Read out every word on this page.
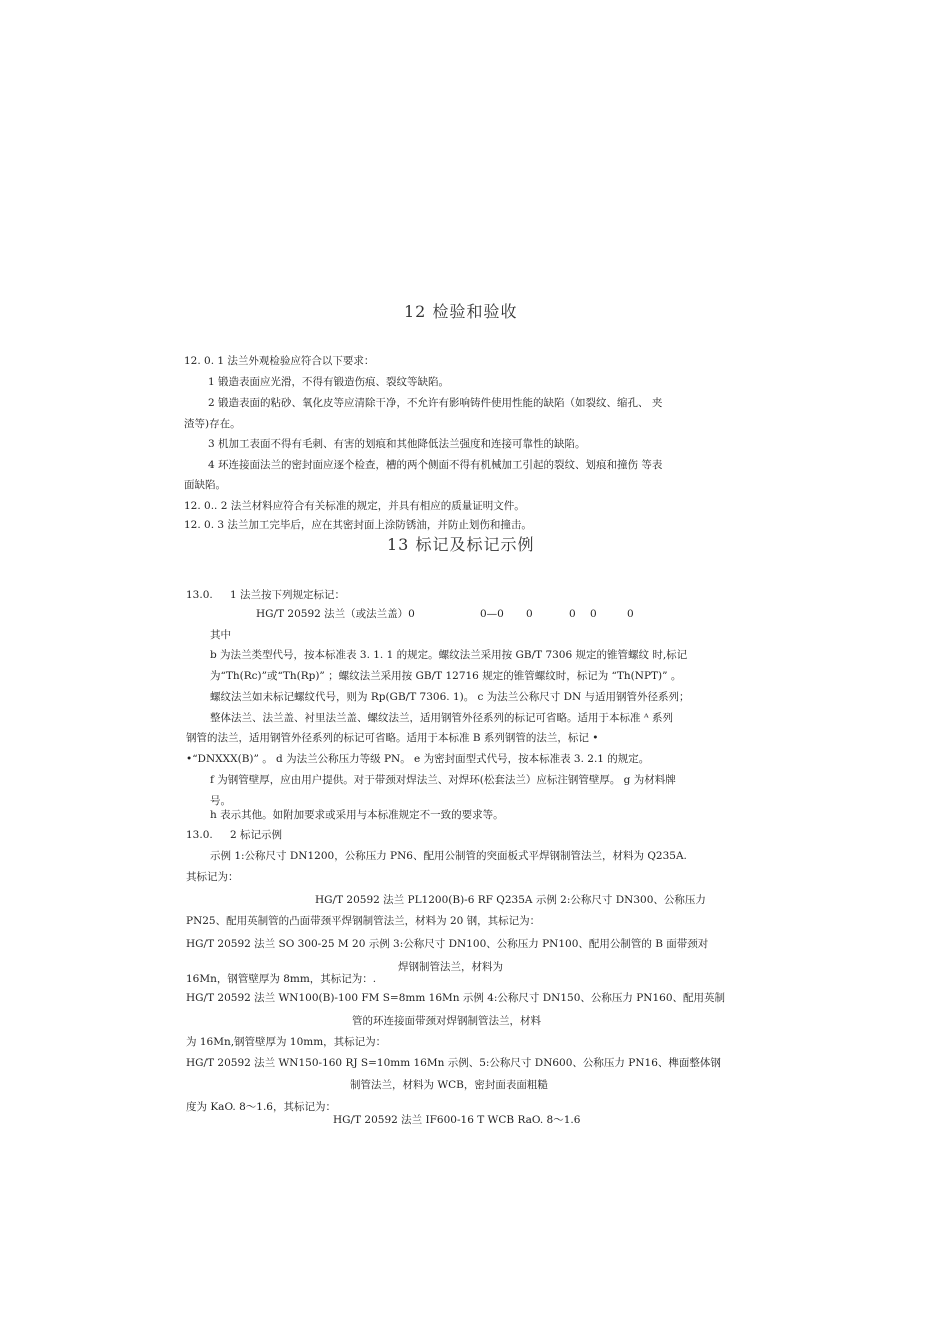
12 检验和验收
12. 0. 1 法兰外观检验应符合以下要求：
1 锻造表面应光滑，不得有锻造伤痕、裂纹等缺陷。
2 锻造表面的粘砂、氧化皮等应清除干净，不允许有影响铸件使用性能的缺陷（如裂纹、缩孔、 夹
渣等)存在。
3 机加工表面不得有毛刺、有害的划痕和其他降低法兰强度和连接可靠性的缺陷。
4 环连接面法兰的密封面应逐个检查，槽的两个侧面不得有机械加工引起的裂纹、划痕和撞伤 等表
面缺陷。
12. 0.. 2 法兰材料应符合有关标准的规定，并具有相应的质量证明文件。
12. 0. 3 法兰加工完毕后，应在其密封面上涂防锈油，并防止划伤和撞击。
13 标记及标记示例
13.0. 1 法兰按下列规定标记：
HG/T 20592 法兰（或法兰盖）0	0—0 0	0 0	0
其中
b 为法兰类型代号，按本标准表 3. 1. 1 的规定。螺纹法兰采用按 GB/T 7306 规定的锥管螺纹 时,标记
为“Th(Rc)”或“Th(Rp)” ；螺纹法兰采用按 GB/T 12716 规定的锥管螺纹时，标记为 “Th(NPT)” 。
螺纹法兰如未标记螺纹代号，则为 Rp(GB/T 7306. 1)。 c 为法兰公称尺寸 DN 与适用钢管外径系列；
整体法兰、法兰盖、衬里法兰盖、螺纹法兰，适用钢管外径系列的标记可省略。适用于本标准 ᴬ 系列
钢管的法兰，适用钢管外径系列的标记可省略。适用于本标准 B 系列钢管的法兰，标记 •
•“DNXXX(B)” 。 d 为法兰公称压力等级 PN。 e 为密封面型式代号，按本标准表 3. 2.1 的规定。
f 为钢管壁厚，应由用户提供。对于带颈对焊法兰、对焊环(松套法兰）应标注钢管壁厚。 g 为材料牌
号。
h 表示其他。如附加要求或采用与本标准规定不一致的要求等。
13.0. 2 标记示例
示例 1:公称尺寸 DN1200，公称压力 PN6、配用公制管的突面板式平焊钢制管法兰，材料为 Q235A.
其标记为：
HG/T 20592 法兰 PL1200(B)-6 RF Q235A 示例 2:公称尺寸 DN300、公称压力
PN25、配用英制管的凸面带颈平焊钢制管法兰，材料为 20 钢，其标记为：
HG/T 20592 法兰 SO 300-25 M 20 示例 3:公称尺寸 DN100、公称压力 PN100、配用公制管的 B 面带颈对
焊钢制管法兰，材料为
16Mn，钢管壁厚为 8mm，其标记为：.
HG/T 20592 法兰 WN100(B)-100 FM S=8mm 16Mn 示例 4:公称尺寸 DN150、公称压力 PN160、配用英制
管的环连接面带颈对焊钢制管法兰，材料
为 16Mn,钢管壁厚为 10mm，其标记为：
HG/T 20592 法兰 WN150-160 RJ S=10mm 16Mn 示例、5:公称尺寸 DN600、公称压力 PN16、榫面整体钢
制管法兰，材料为 WCB，密封面表面粗糙
度为 KaO. 8～1.6，其标记为：
HG/T 20592 法兰 IF600-16 T WCB RaO. 8～1.6
